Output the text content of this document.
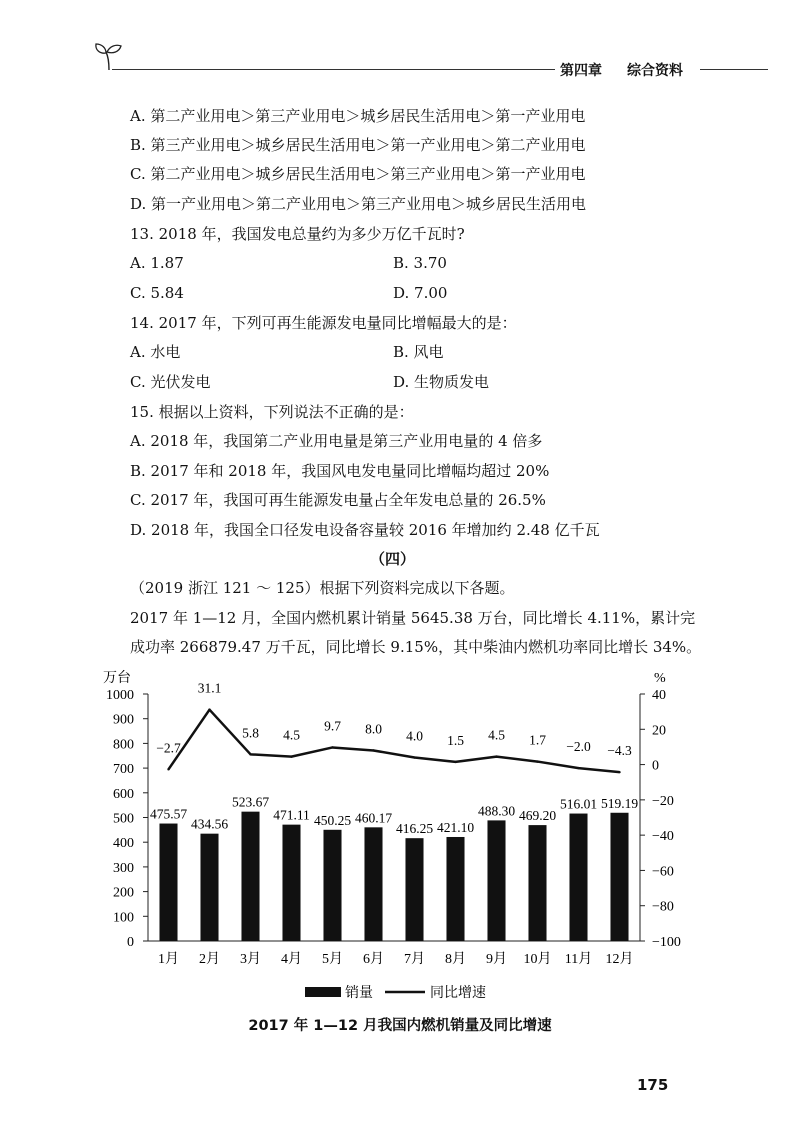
第四章 综合资料
A. 第二产业用电＞第三产业用电＞城乡居民生活用电＞第一产业用电
B. 第三产业用电＞城乡居民生活用电＞第一产业用电＞第二产业用电
C. 第二产业用电＞城乡居民生活用电＞第三产业用电＞第一产业用电
D. 第一产业用电＞第二产业用电＞第三产业用电＞城乡居民生活用电
13. 2018 年，我国发电总量约为多少万亿千瓦时?
A. 1.87	B. 3.70
C. 5.84	D. 7.00
14. 2017 年，下列可再生能源发电量同比增幅最大的是：
A. 水电	B. 风电
C. 光伏发电	D. 生物质发电
15. 根据以上资料，下列说法不正确的是：
A. 2018 年，我国第二产业用电量是第三产业用电量的 4 倍多
B. 2017 年和 2018 年，我国风电发电量同比增幅均超过 20%
C. 2017 年，我国可再生能源发电量占全年发电总量的 26.5%
D. 2018 年，我国全口径发电设备容量较 2016 年增加约 2.48 亿千瓦
（四）
（2019 浙江 121 ～ 125）根据下列资料完成以下各题。
2017 年 1—12 月，全国内燃机累计销量 5645.38 万台，同比增长 4.11%，累计完
成功率 266879.47 万千瓦，同比增长 9.15%，其中柴油内燃机功率同比增长 34%。
万台	%
0
100
200
300
400
500
600
700
800
900
1000
−100
−80
−60
−40
−20
0
20
40
475.57
434.56
523.67
471.11 450.25 460.17
416.25 421.10
488.30 469.20
516.01 519.19
−2.7
31.1
5.8 4.5
9.7 8.0 4.0 1.5 4.5 1.7 −2.0 −4.3
1月 2月 3月 4月 5月 6月 7月 8月 9月 10月 11月 12月
销量	同比增速
2017 年 1—12 月我国内燃机销量及同比增速
175
